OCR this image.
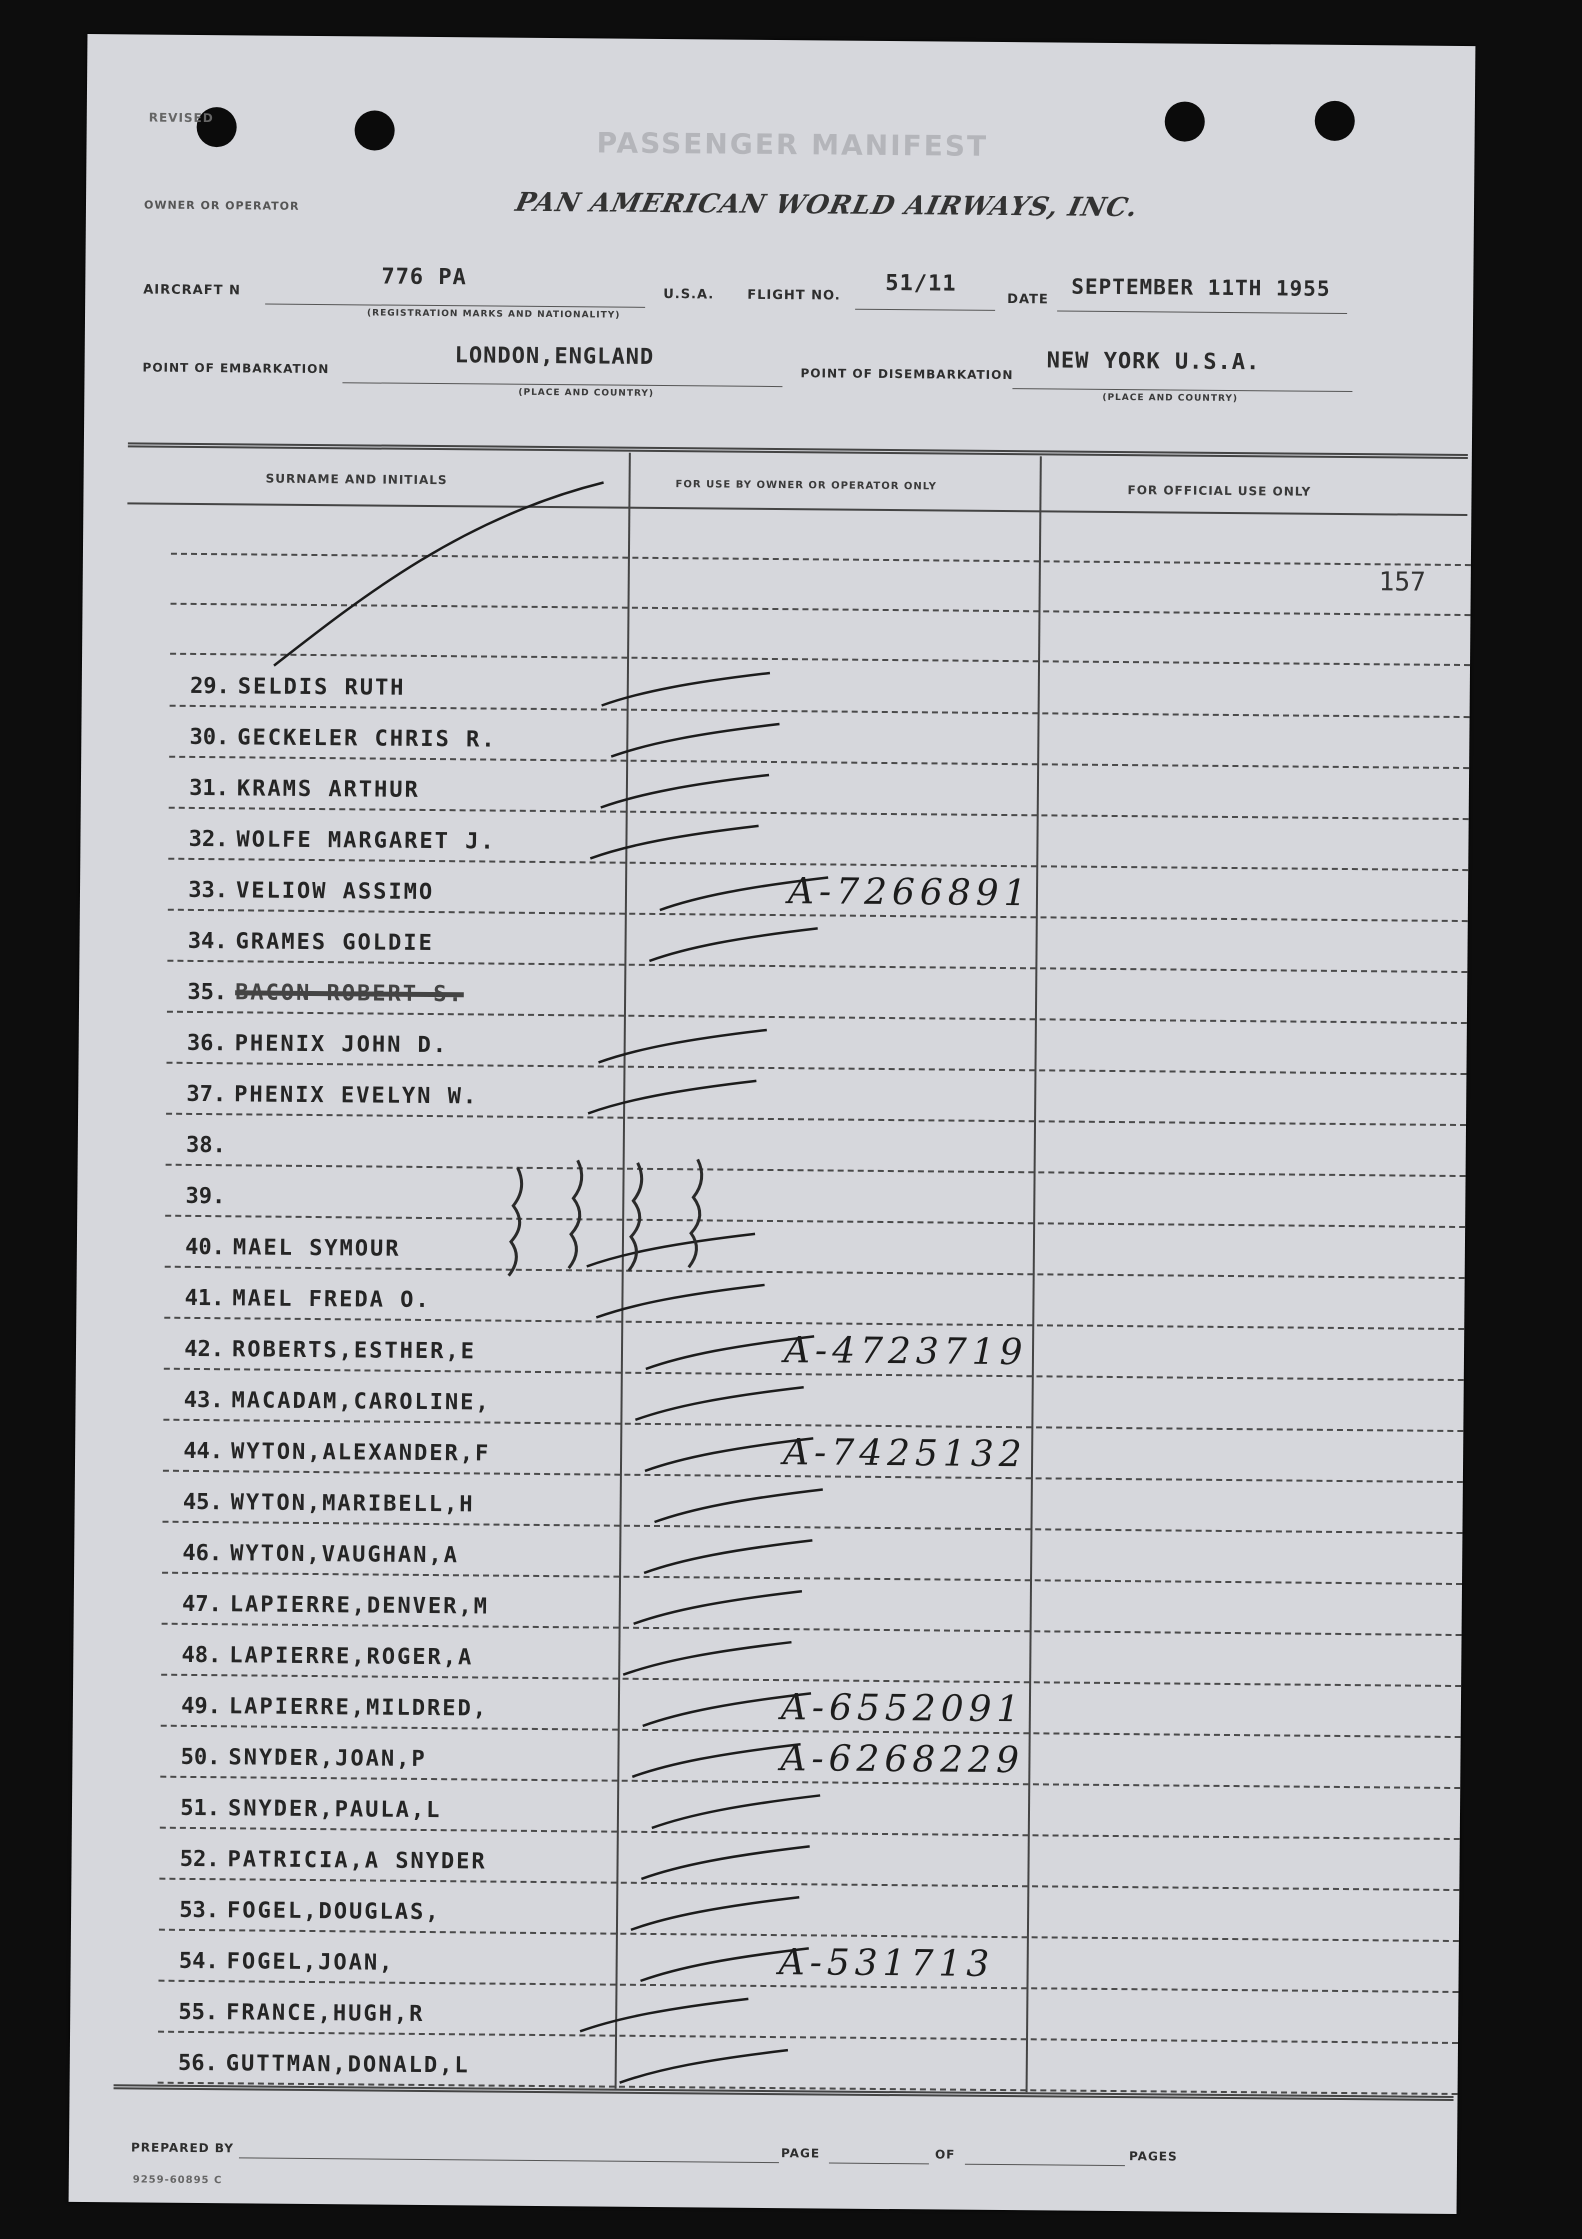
REVISED
PASSENGER MANIFEST
OWNER OR OPERATOR	PAN AMERICAN WORLD AIRWAYS, INC.
AIRCRAFT N
776 PA
(REGISTRATION MARKS AND NATIONALITY)
U.S.A.	FLIGHT NO. 51/11
DATE SEPTEMBER 11TH 1955
POINT OF EMBARKATION	LONDON,ENGLAND
(PLACE AND COUNTRY)
POINT OF DISEMBARKATION NEW YORK U.S.A.
(PLACE AND COUNTRY)
SURNAME AND INITIALS	FOR USE BY OWNER OR OPERATOR ONLY	FOR OFFICIAL USE ONLY
157
29. SELDIS RUTH
30. GECKELER CHRIS R.
31. KRAMS ARTHUR
32. WOLFE MARGARET J.
33. VELIOW ASSIMO	A-7266891
34. GRAMES GOLDIE
35. BACON ROBERT S.
36. PHENIX JOHN D.
37. PHENIX EVELYN W.
38.
39.
40. MAEL SYMOUR
41. MAEL FREDA O.
42. ROBERTS,ESTHER,E	A-4723719
43. MACADAM,CAROLINE,
44. WYTON,ALEXANDER,F	A-7425132
45. WYTON,MARIBELL,H
46. WYTON,VAUGHAN,A
47. LAPIERRE,DENVER,M
48. LAPIERRE,ROGER,A
49. LAPIERRE,MILDRED,	A-6552091
50. SNYDER,JOAN,P	A-6268229
51. SNYDER,PAULA,L
52. PATRICIA,A SNYDER
53. FOGEL,DOUGLAS,
54. FOGEL,JOAN,	A-531713
55. FRANCE,HUGH,R
56. GUTTMAN,DONALD,L
PREPARED BY	PAGE	OF	PAGES
9259-60895 C
